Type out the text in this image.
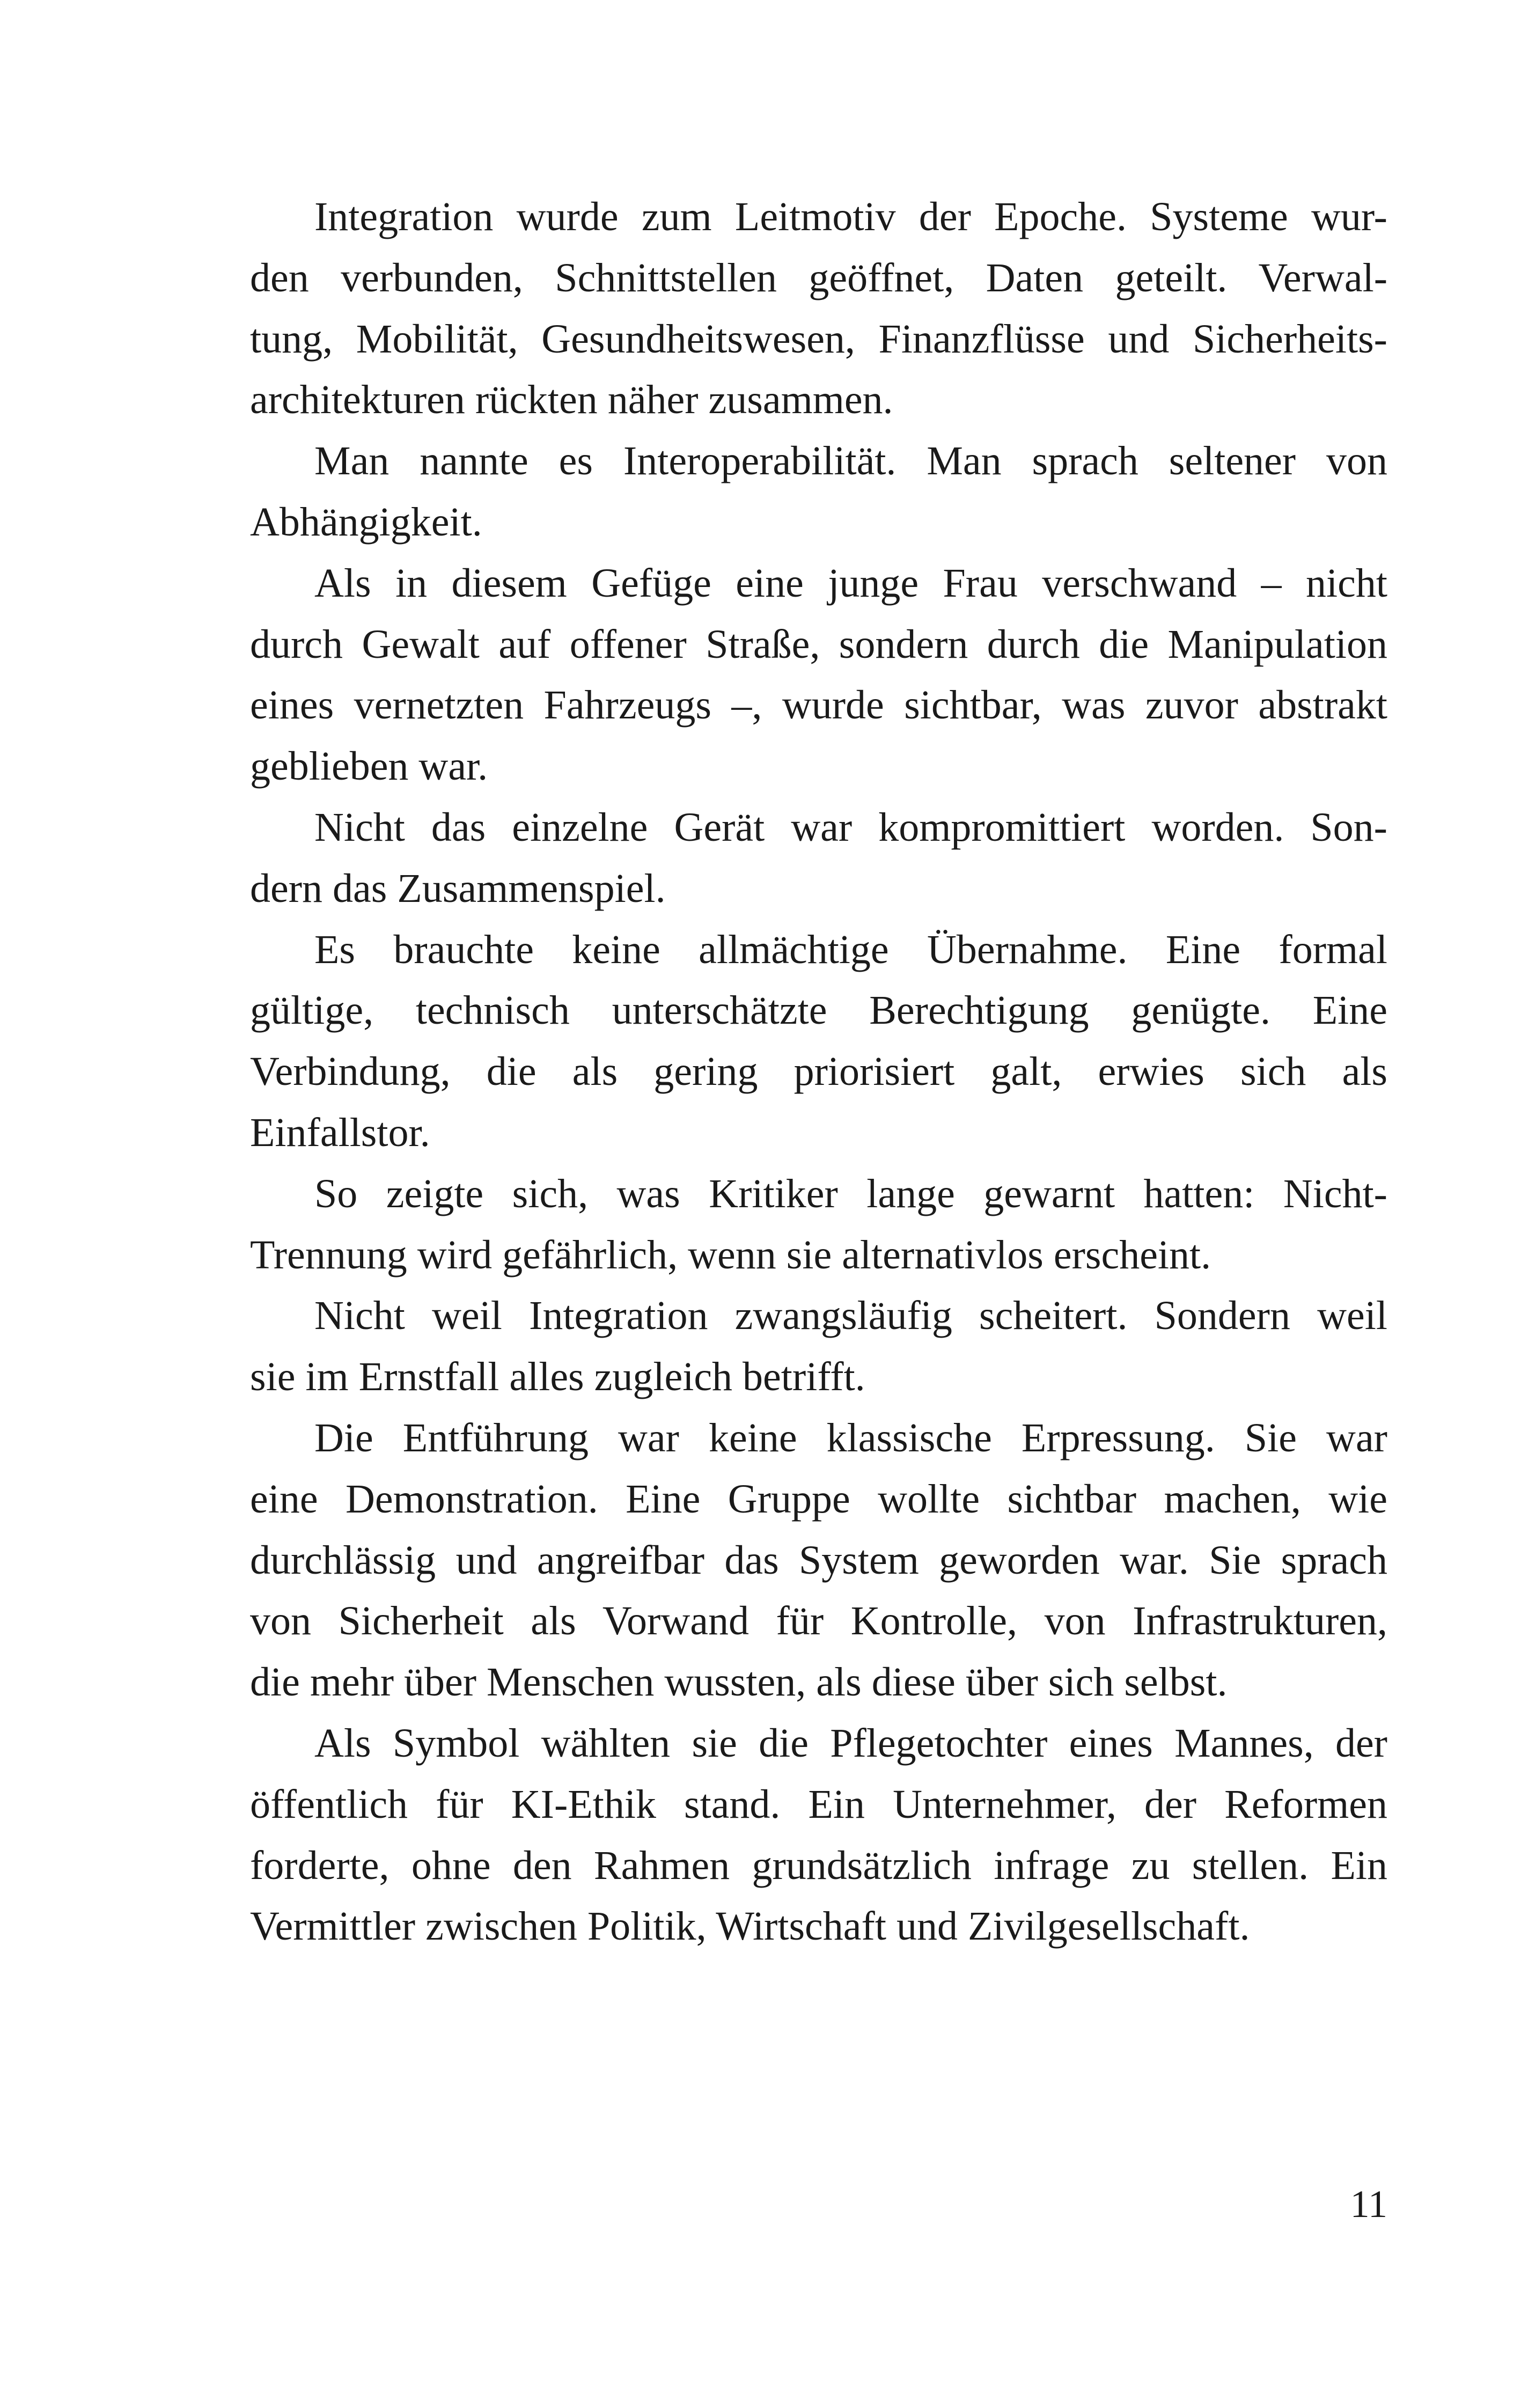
Integration wurde zum Leitmotiv der Epoche. Systeme wur-
den verbunden, Schnittstellen geöffnet, Daten geteilt. Verwal-
tung, Mobilität, Gesundheitswesen, Finanzflüsse und Sicherheits-
architekturen rückten näher zusammen.
Man nannte es Interoperabilität. Man sprach seltener von
Abhängigkeit.
Als in diesem Gefüge eine junge Frau verschwand – nicht
durch Gewalt auf offener Straße, sondern durch die Manipulation
eines vernetzten Fahrzeugs –, wurde sichtbar, was zuvor abstrakt
geblieben war.
Nicht das einzelne Gerät war kompromittiert worden. Son-
dern das Zusammenspiel.
Es brauchte keine allmächtige Übernahme. Eine formal
gültige, technisch unterschätzte Berechtigung genügte. Eine
Verbindung, die als gering priorisiert galt, erwies sich als
Einfallstor.
So zeigte sich, was Kritiker lange gewarnt hatten: Nicht-
Trennung wird gefährlich, wenn sie alternativlos erscheint.
Nicht weil Integration zwangsläufig scheitert. Sondern weil
sie im Ernstfall alles zugleich betrifft.
Die Entführung war keine klassische Erpressung. Sie war
eine Demonstration. Eine Gruppe wollte sichtbar machen, wie
durchlässig und angreifbar das System geworden war. Sie sprach
von Sicherheit als Vorwand für Kontrolle, von Infrastrukturen,
die mehr über Menschen wussten, als diese über sich selbst.
Als Symbol wählten sie die Pflegetochter eines Mannes, der
öffentlich für KI-Ethik stand. Ein Unternehmer, der Reformen
forderte, ohne den Rahmen grundsätzlich infrage zu stellen. Ein
Vermittler zwischen Politik, Wirtschaft und Zivilgesellschaft.
11
